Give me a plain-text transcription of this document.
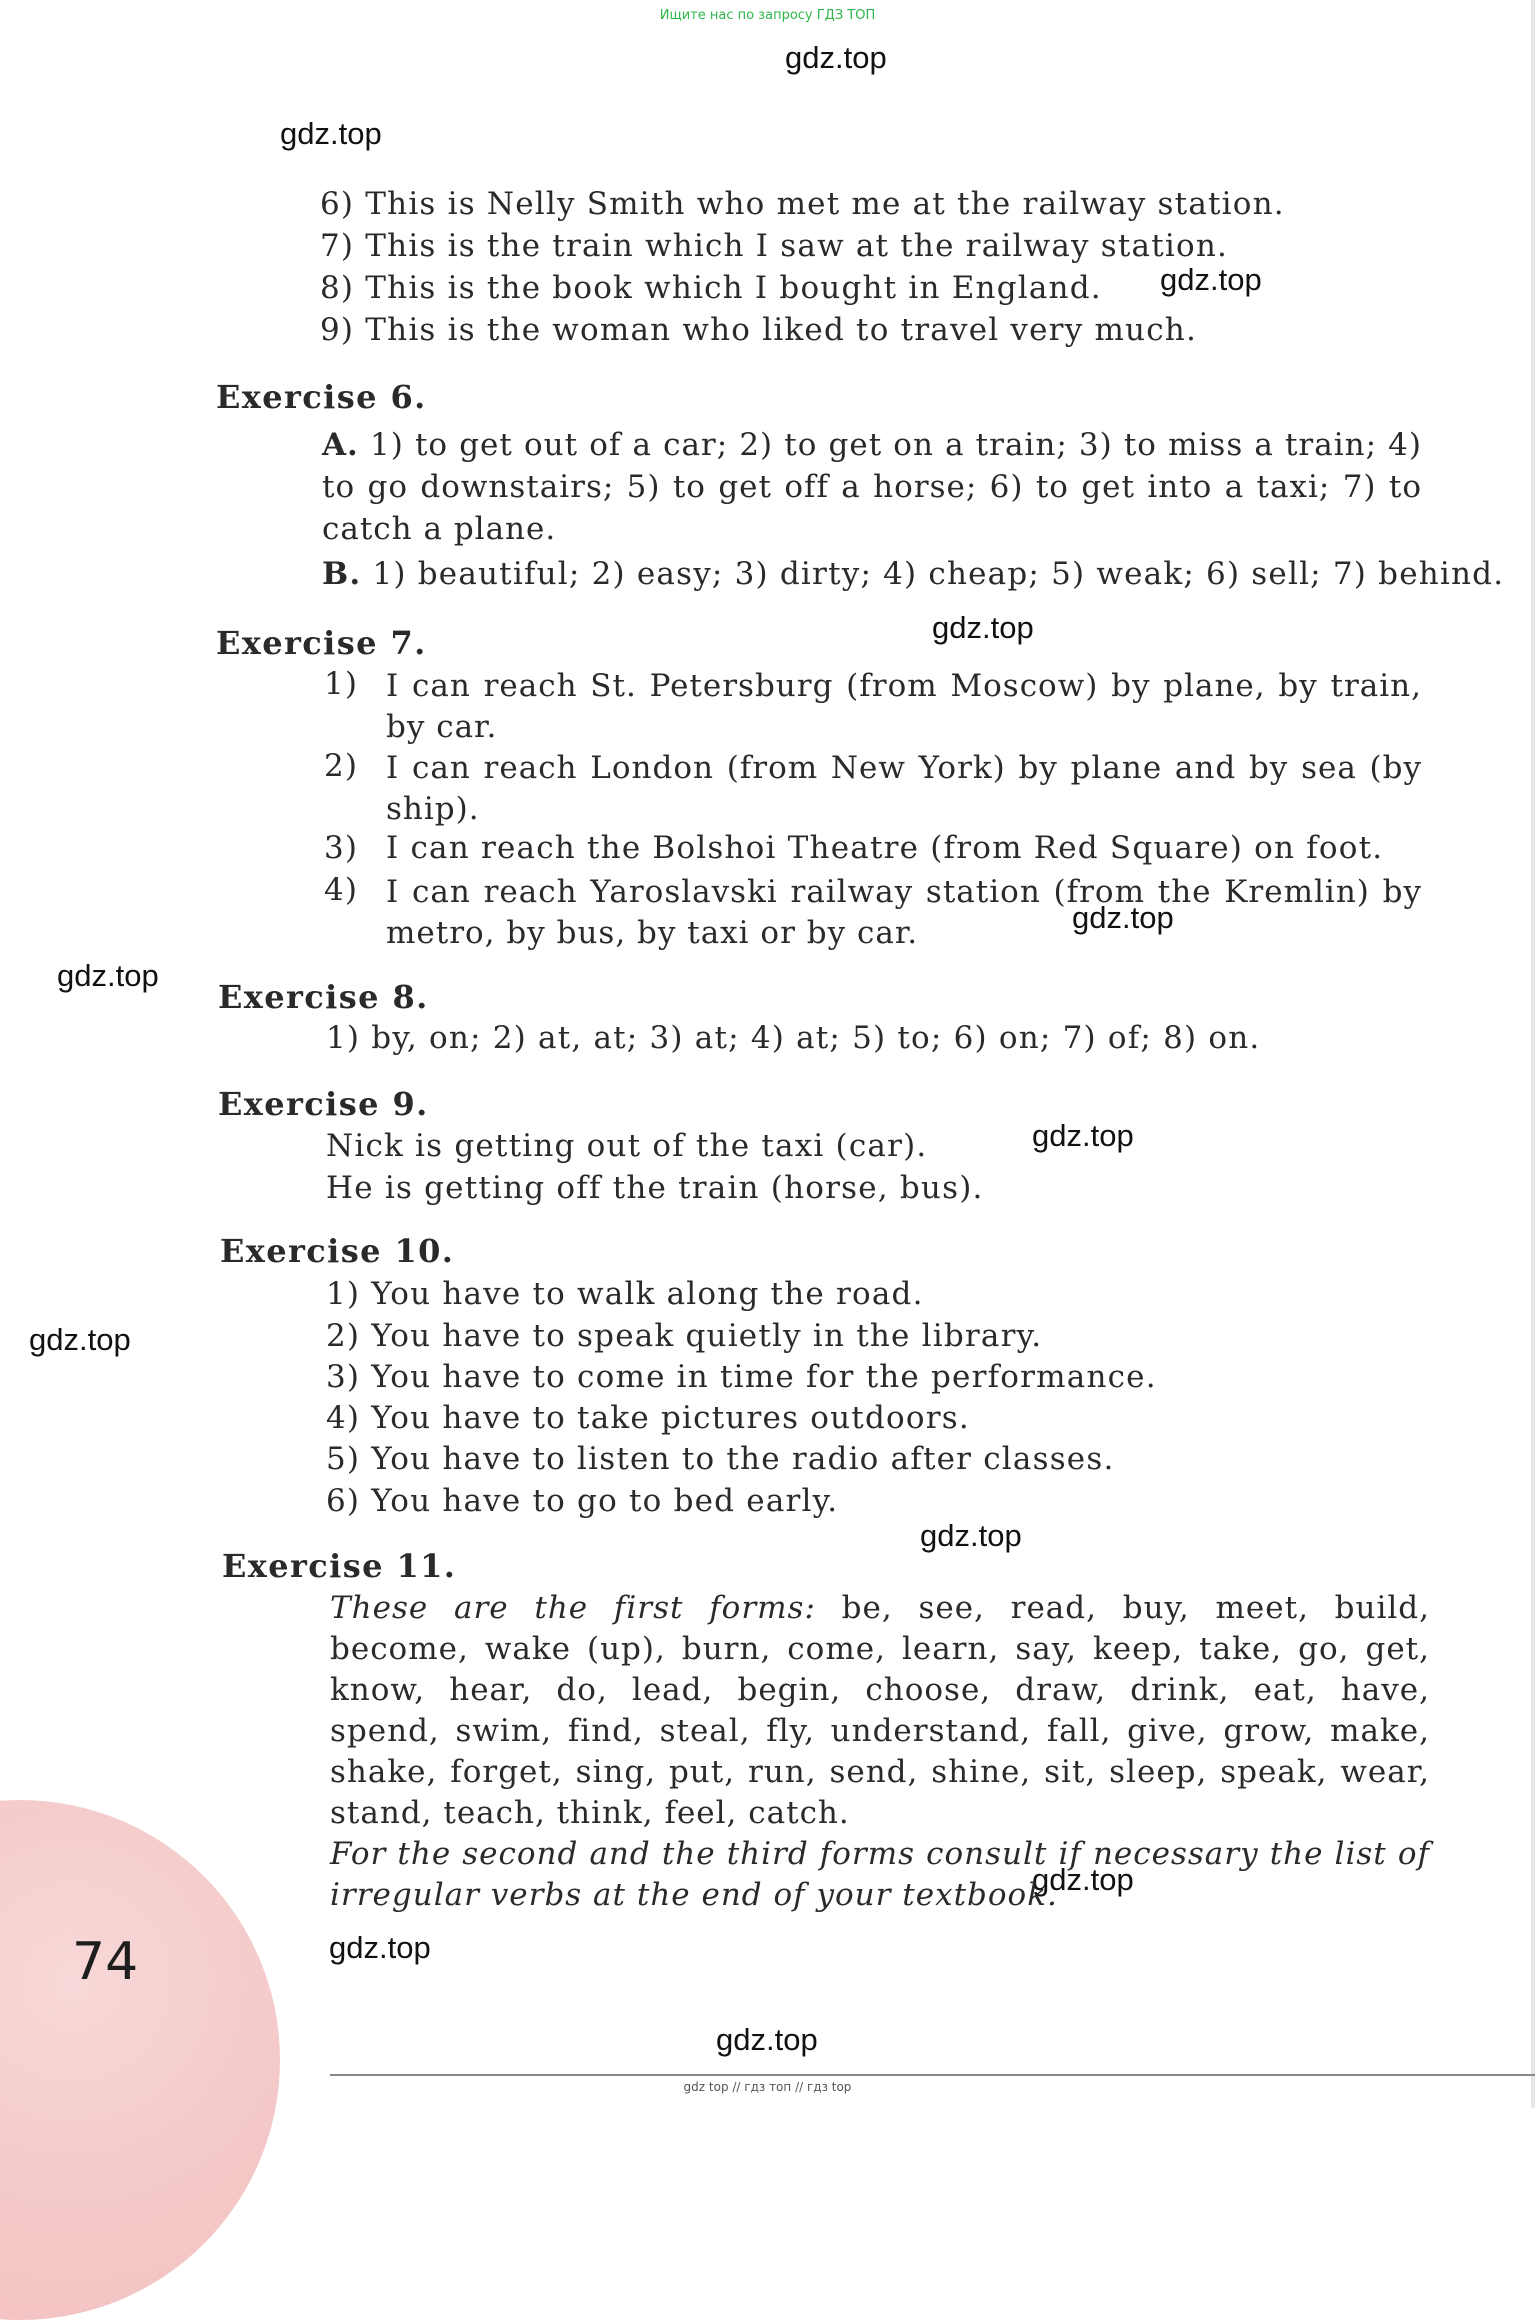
Ищите нас по запросу ГДЗ ТОП
gdz.top
gdz.top
gdz.top
gdz.top
gdz.top
gdz.top
gdz.top
gdz.top
gdz.top
gdz.top
gdz.top
gdz.top
6) This is Nelly Smith who met me at the railway station.
7) This is the train which I saw at the railway station.
8) This is the book which I bought in England.
9) This is the woman who liked to travel very much.
Exercise 6.
A. 1) to get out of a car; 2) to get on a train; 3) to miss a train; 4) to go downstairs; 5) to get off a horse; 6) to get into a taxi; 7) to catch a plane.
B. 1) beautiful; 2) easy; 3) dirty; 4) cheap; 5) weak; 6) sell; 7) behind.
Exercise 7.
1) I can reach St. Petersburg (from Moscow) by plane, by train, by car.
2) I can reach London (from New York) by plane and by sea (by ship).
3) I can reach the Bolshoi Theatre (from Red Square) on foot.
4) I can reach Yaroslavski railway station (from the Kremlin) by metro, by bus, by taxi or by car.
Exercise 8.
1) by, on; 2) at, at; 3) at; 4) at; 5) to; 6) on; 7) of; 8) on.
Exercise 9.
Nick is getting out of the taxi (car).
He is getting off the train (horse, bus).
Exercise 10.
1) You have to walk along the road.
2) You have to speak quietly in the library.
3) You have to come in time for the performance.
4) You have to take pictures outdoors.
5) You have to listen to the radio after classes.
6) You have to go to bed early.
Exercise 11.
These are the first forms: be, see, read, buy, meet, build, become, wake (up), burn, come, learn, say, keep, take, go, get, know, hear, do, lead, begin, choose, draw, drink, eat, have, spend, swim, find, steal, fly, understand, fall, give, grow, make, shake, forget, sing, put, run, send, shine, sit, sleep, speak, wear, stand, teach, think, feel, catch.
For the second and the third forms consult if necessary the list of irregular verbs at the end of your textbook.
74
gdz top // гдз топ // гдз top
